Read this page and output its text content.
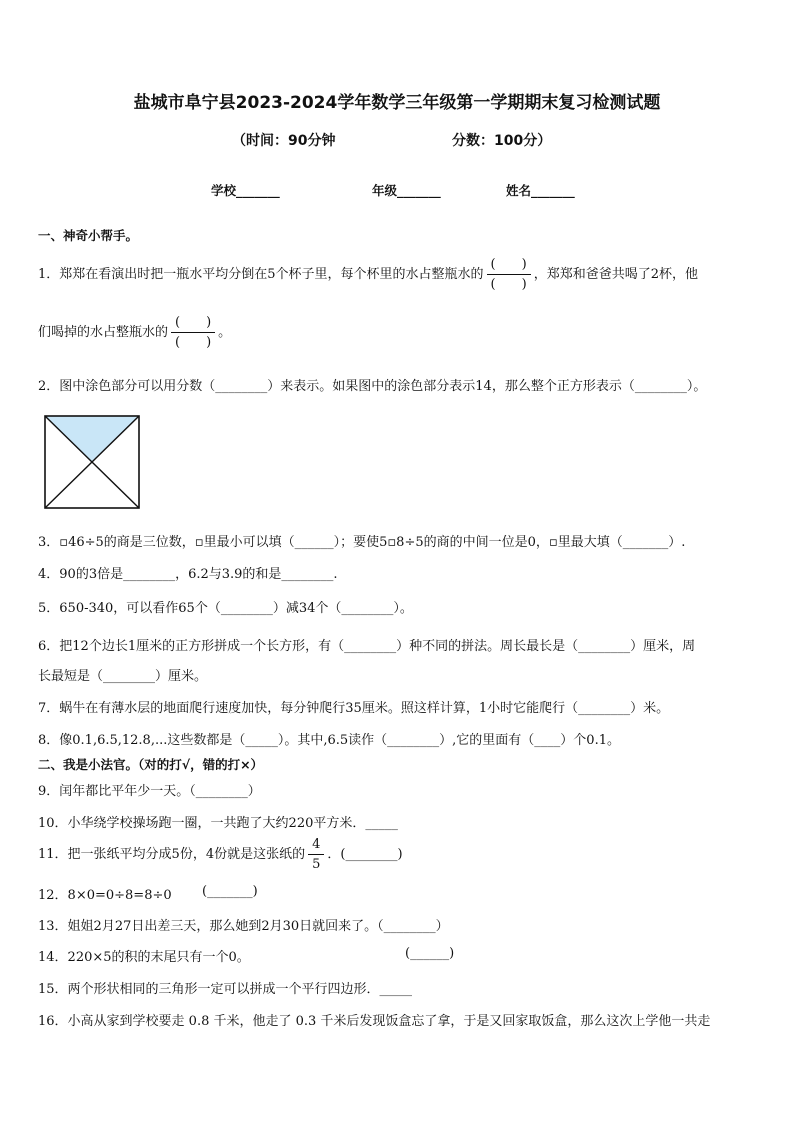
盐城市阜宁县2023-2024学年数学三年级第一学期期末复习检测试题
（时间：90分钟	分数：100分）
学校_______	年级_______	姓名_______
一、神奇小帮手。
1．郑郑在看演出时把一瓶水平均分倒在5个杯子里，每个杯里的水占整瓶水的 $\frac{( )}{( )}$ ，郑郑和爸爸共喝了2杯，他
们喝掉的水占整瓶水的 $\frac{( )}{( )}$ 。
2．图中涂色部分可以用分数（________）来表示。如果图中的涂色部分表示14，那么整个正方形表示（________）。
3．▫46÷5的商是三位数，▫里最小可以填（______）；要使5▫8÷5的商的中间一位是0，▫里最大填（_______）.
4．90的3倍是________，6.2与3.9的和是________.
5．650-340，可以看作65个（________）减34个（________）。
6．把12个边长1厘米的正方形拼成一个长方形，有（________）种不同的拼法。周长最长是（________）厘米，周
长最短是（________）厘米。
7．蜗牛在有薄水层的地面爬行速度加快，每分钟爬行35厘米。照这样计算，1小时它能爬行（________）米。
8．像0.1,6.5,12.8,...这些数都是（_____）。其中,6.5读作（________）,它的里面有（____）个0.1。
二、我是小法官。（对的打√，错的打×）
9．闰年都比平年少一天。（________）
10．小华绕学校操场跑一圈，一共跑了大约220平方米．_____
11．把一张纸平均分成5份，4份就是这张纸的 $\frac{4}{5}$ ．(________)
12．8×0=0÷8=8÷0 (_______)
13．姐姐2月27日出差三天，那么她到2月30日就回来了。（________）
14．220×5的积的末尾只有一个0。	(______)
15．两个形状相同的三角形一定可以拼成一个平行四边形．_____
16．小高从家到学校要走 0.8 千米，他走了 0.3 千米后发现饭盒忘了拿，于是又回家取饭盒，那么这次上学他一共走
